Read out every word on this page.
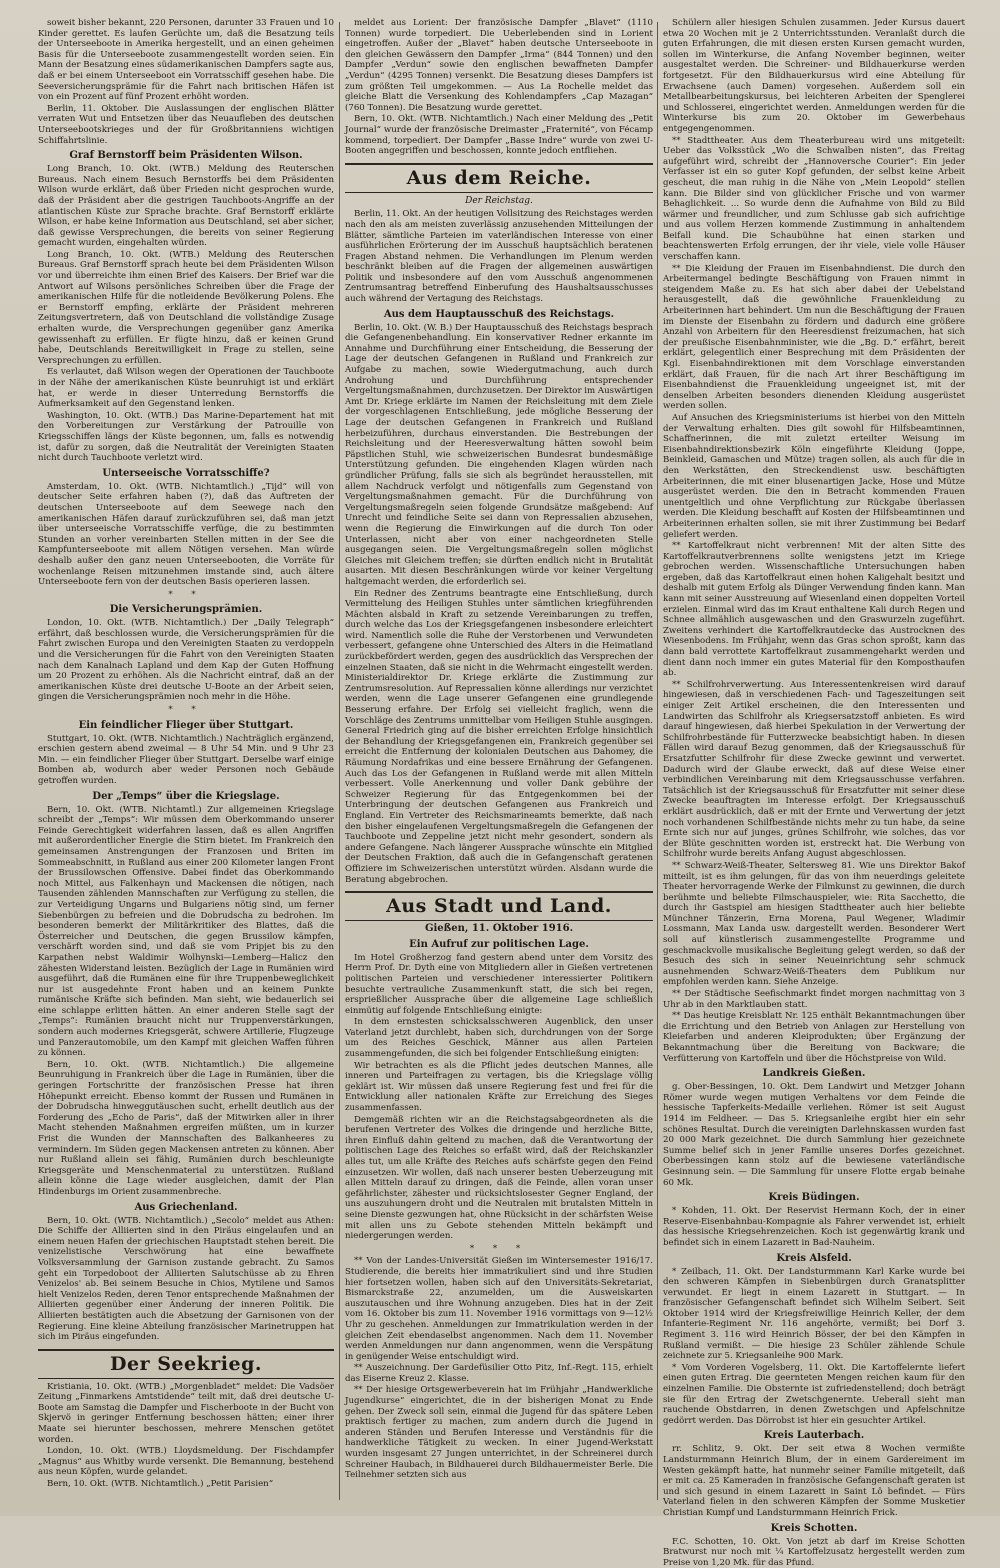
soweit bisher bekannt, 220 Personen, darunter 33 Frauen und 10 Kinder gerettet. Es laufen Gerüchte um, daß die Besatzung teils der Unterseeboote in Amerika hergestellt, und an einen geheimen Basis für die Unterseeboote zusammengestellt worden seien. Ein Mann der Besatzung eines südamerikanischen Dampfers sagte aus, daß er bei einem Unterseeboot ein Vorratsschiff gesehen habe. Die Seeversicherungsprämie für die Fahrt nach britischen Häfen ist von ein Prozent auf fünf Prozent erhöht worden.

Berlin, 11. Oktober. Die Auslassungen der englischen Blätter verraten Wut und Entsetzen über das Neuaufleben des deutschen Unterseebootskrieges und der für Großbritanniens wichtigen Schiffahrtslinie.

Graf Bernstorff beim Präsidenten Wilson.

Long Branch, 10. Okt. (WTB.) Meldung des Reuterschen Bureaus. Nach einem Besuch Bernstorffs bei dem Präsidenten Wilson wurde erklärt, daß über Frieden nicht gesprochen wurde, daß der Präsident aber die gestrigen Tauchboots-Angriffe an der atlantischen Küste zur Sprache brachte. Graf Bernstorff erklärte Wilson, er habe keine Information aus Deutschland, sei aber sicher, daß gewisse Versprechungen, die bereits von seiner Regierung gemacht wurden, eingehalten würden.

Long Branch, 10. Okt. (WTB.) Meldung des Reuterschen Bureaus. Graf Bernstorff sprach heute bei dem Präsidenten Wilson vor und überreichte ihm einen Brief des Kaisers. Der Brief war die Antwort auf Wilsons persönliches Schreiben über die Frage der amerikanischen Hilfe für die notleidende Bevölkerung Polens. Ehe er Bernstorff empfing, erklärte der Präsident mehreren Zeitungsvertretern, daß von Deutschland die vollständige Zusage erhalten wurde, die Versprechungen gegenüber ganz Amerika gewissenhaft zu erfüllen. Er fügte hinzu, daß er keinen Grund habe, Deutschlands Bereitwilligkeit in Frage zu stellen, seine Versprechungen zu erfüllen.

Es verlautet, daß Wilson wegen der Operationen der Tauchboote in der Nähe der amerikanischen Küste beunruhigt ist und erklärt hat, er werde in dieser Unterredung Bernstorffs die Aufmerksamkeit auf den Gegenstand lenken.

Washington, 10. Okt. (WTB.) Das Marine-Departement hat mit den Vorbereitungen zur Verstärkung der Patrouille von Kriegsschiffen längs der Küste begonnen, um, falls es notwendig ist, dafür zu sorgen, daß die Neutralität der Vereinigten Staaten nicht durch Tauchboote verletzt wird.

Unterseeische Vorratsschiffe?

Amsterdam, 10. Okt. (WTB. Nichtamtlich.) „Tijd“ will von deutscher Seite erfahren haben (?), daß das Auftreten der deutschen Unterseeboote auf dem Seewege nach den amerikanischen Häfen darauf zurückzuführen sei, daß man jetzt über unterseeische Vorratsschiffe verfüge, die zu bestimmten Stunden an vorher vereinbarten Stellen mitten in der See die Kampfunterseeboote mit allem Nötigen versehen. Man würde deshalb außer den ganz neuen Unterseebooten, die Vorräte für wochenlange Reisen mitzunehmen imstande sind, auch ältere Unterseeboote fern von der deutschen Basis operieren lassen.

* *
Die Versicherungsprämien.

London, 10. Okt. (WTB. Nichtamtlich.) Der „Daily Telegraph“ erfährt, daß beschlossen wurde, die Versicherungsprämien für die Fahrt zwischen Europa und den Vereinigten Staaten zu verdoppeln und die Versicherungen für die Fahrt von den Vereinigten Staaten nach dem Kanalnach Lapland und dem Kap der Guten Hoffnung um 20 Prozent zu erhöhen. Als die Nachricht eintraf, daß an der amerikanischen Küste drei deutsche U-Boote an der Arbeit seien, gingen die Versicherungsprämien noch mehr in die Höhe.

* *
Ein feindlicher Flieger über Stuttgart.

Stuttgart, 10. Okt. (WTB. Nichtamtlich.) Nachträglich ergänzend, erschien gestern abend zweimal — 8 Uhr 54 Min. und 9 Uhr 23 Min. — ein feindlicher Flieger über Stuttgart. Derselbe warf einige Bomben ab, wodurch aber weder Personen noch Gebäude getroffen wurden.

Der „Temps“ über die Kriegslage.

Bern, 10. Okt. (WTB. Nichtamtl.) Zur allgemeinen Kriegslage schreibt der „Temps“: Wir müssen dem Oberkommando unserer Feinde Gerechtigkeit widerfahren lassen, daß es allen Angriffen mit außerordentlicher Energie die Stirn bietet. Im Frankreich den gemeinsamen Anstrengungen der Franzosen und Briten im Sommeabschnitt, in Rußland aus einer 200 Kilometer langen Front der Brussilowschen Offensive. Dabei findet das Oberkommando noch Mittel, aus Falkenhayn und Mackensen die nötigen, nach Tausenden zählenden Mannschaften zur Verfügung zu stellen, die zur Verteidigung Ungarns und Bulgariens nötig sind, um ferner Siebenbürgen zu befreien und die Dobrudscha zu bedrohen. Im besonderen bemerkt der Militärkritiker des Blattes, daß die Österreicher und Deutschen, die gegen Brussilow kämpfen, verschärft worden sind, und daß sie vom Pripjet bis zu den Karpathen nebst Waldimir Wolhynski—Lemberg—Halicz den zähesten Widerstand leisten. Bezüglich der Lage in Rumänien wird ausgeführt, daß die Rumänen eine für ihre Truppenbeweglichkeit nur ist ausgedehnte Front haben und an keinem Punkte rumänische Kräfte sich befinden. Man sieht, wie bedauerlich sei eine schlappe erlitten hätten. An einer anderen Stelle sagt der „Temps“: Rumänien braucht nicht nur Truppenverstärkungen, sondern auch modernes Kriegsgerät, schwere Artillerie, Flugzeuge und Panzerautomobile, um den Kampf mit gleichen Waffen führen zu können.

Bern, 10. Okt. (WTB. Nichtamtlich.) Die allgemeine Beunruhigung in Frankreich über die Lage in Rumänien, über die geringen Fortschritte der französischen Presse hat ihren Höhepunkt erreicht. Ebenso kommt der Russen und Rumänen in der Dobrudscha hinweggutäuschen sucht, erhellt deutlich aus der Forderung des „Echo de Paris“, daß der Mitwirken aller in ihrer Macht stehenden Maßnahmen ergreifen müßten, um in kurzer Frist die Wunden der Mannschaften des Balkanheeres zu vermindern. Im Süden gegen Mackensen antreten zu können. Aber nur Rußland allein sei fähig, Rumänien durch beschleunigte Kriegsgeräte und Menschenmaterial zu unterstützen. Rußland allein könne die Lage wieder ausgleichen, damit der Plan Hindenburgs im Orient zusammenbreche.

Aus Griechenland.

Bern, 10. Okt. (WTB. Nichtamtlich.) „Secolo“ meldet aus Athen: Die Schiffe der Alliierten sind in den Piräus eingelaufen und an einem neuen Hafen der griechischen Hauptstadt stehen bereit. Die venizelistische Verschwörung hat eine bewaffnete Volksversammlung der Garnison zustande gebracht. Zu Samos geht ein Torpedoboot der Alliierten Salutschüsse ab zu Ehren Venizelos' ab. Bei seinem Besuche in Chios, Mytilene und Samos hielt Venizelos Reden, deren Tenor entsprechende Maßnahmen der Alliierten gegenüber einer Änderung der inneren Politik. Die Alliierten bestätigten auch die Absetzung der Garnisonen von der Regierung. Eine kleine Abteilung französischer Marinetruppen hat sich im Piräus eingefunden.

Der Seekrieg.

Kristiania, 10. Okt. (WTB.) „Morgenbladet“ meldet: Die Vadsöer Zeitung „Finmarkens Amtstidende“ teilt mit, daß drei deutsche U-Boote am Samstag die Dampfer und Fischerboote in der Bucht von Skjervö in geringer Entfernung beschossen hätten; einer ihrer Maate sei hierunter beschossen, mehrere Menschen getötet worden.

London, 10. Okt. (WTB.) Lloydsmeldung. Der Fischdampfer „Magnus“ aus Whitby wurde versenkt. Die Bemannung, bestehend aus neun Köpfen, wurde gelandet.

Bern, 10. Okt. (WTB. Nichtamtlich.) „Petit Parisien“

meldet aus Lorient: Der französische Dampfer „Blavet“ (1110 Tonnen) wurde torpediert. Die Ueberlebenden sind in Lorient eingetroffen. Außer der „Blavet“ haben deutsche Unterseeboote in den gleichen Gewässern den Dampfer „Irma“ (844 Tonnen) und den Dampfer „Verdun“ sowie den englischen bewaffneten Dampfer „Verdun“ (4295 Tonnen) versenkt. Die Besatzung dieses Dampfers ist zum größten Teil umgekommen. — Aus La Rochelle meldet das gleiche Blatt die Versenkung des Kohlendampfers „Cap Mazagan“ (760 Tonnen). Die Besatzung wurde gerettet.

Bern, 10. Okt. (WTB. Nichtamtlich.) Nach einer Meldung des „Petit Journal“ wurde der französische Dreimaster „Fraternité“, von Fécamp kommend, torpediert. Der Dampfer „Basse Indre“ wurde von zwei U-Booten angegriffen und beschossen, konnte jedoch entfliehen.

Aus dem Reiche.
Der Reichstag.

Berlin, 11. Okt. An der heutigen Vollsitzung des Reichstages werden nach den als am meisten zuverlässig anzusehenden Mitteilungen der Blätter, sämtliche Parteien im vaterländischen Interesse von einer ausführlichen Erörterung der im Ausschuß hauptsächlich beratenen Fragen Abstand nehmen. Die Verhandlungen im Plenum werden beschränkt bleiben auf die Fragen der allgemeinen auswärtigen Politik und insbesondere auf den vom Ausschuß angenommenen Zentrumsantrag betreffend Einberufung des Haushaltsausschusses auch während der Vertagung des Reichstags.

Aus dem Hauptausschuß des Reichstags.

Berlin, 10. Okt. (W. B.) Der Hauptausschuß des Reichstags besprach die Gefangenenbehandlung. Ein konservativer Redner erkannte im Annahme und Durchführung einer Entscheidung, die Besserung der Lage der deutschen Gefangenen in Rußland und Frankreich zur Aufgabe zu machen, sowie Wiedergutmachung, auch durch Androhung und Durchführung entsprechender Vergeltungsmaßnahmen, durchzusetzen. Der Direktor im Auswärtigen Amt Dr. Kriege erklärte im Namen der Reichsleitung mit dem Ziele der vorgeschlagenen Entschließung, jede mögliche Besserung der Lage der deutschen Gefangenen in Frankreich und Rußland herbeizuführen, durchaus einverstanden. Die Bestrebungen der Reichsleitung und der Heeresverwaltung hätten sowohl beim Päpstlichen Stuhl, wie schweizerischen Bundesrat bundesmäßige Unterstützung gefunden. Die eingehenden Klagen würden nach gründlicher Prüfung, falls sie sich als begründet herausstellen, mit allem Nachdruck verfolgt und nötigenfalls zum Gegenstand von Vergeltungsmaßnahmen gemacht. Für die Durchführung von Vergeltungsmaßregeln seien folgende Grundsätze maßgebend: Auf Unrecht und feindliche Seite sei dann von Repressalien abzusehen, wenn die Regierung die Einwirkungen auf die durch Ton oder Unterlassen, nicht aber von einer nachgeordneten Stelle ausgegangen seien. Die Vergeltungsmaßregeln sollen möglichst Gleiches mit Gleichem treffen; sie dürften endlich nicht in Brutalität ausarten. Mit diesen Beschränkungen würde vor keiner Vergeltung haltgemacht werden, die erforderlich sei.

Ein Redner des Zentrums beantragte eine Entschließung, durch Vermittelung des Heiligen Stuhles unter sämtlichen kriegführenden Mächten alsbald in Kraft zu setzende Vereinbarungen zu treffen, durch welche das Los der Kriegsgefangenen insbesondere erleichtert wird. Namentlich solle die Ruhe der Verstorbenen und Verwundeten verbessert, gefangene ohne Unterschied des Alters in die Heimatland zurückbefördert werden, gegen des ausdrücklich das Versprechen der einzelnen Staaten, daß sie nicht in die Wehrmacht eingestellt werden. Ministerialdirektor Dr. Kriege erklärte die Zustimmung zur Zentrumsresolution. Auf Repressalien könne allerdings nur verzichtet werden, wenn die Lage unserer Gefangenen eine grundlegende Besserung erfahre. Der Erfolg sei vielleicht fraglich, wenn die Vorschläge des Zentrums unmittelbar vom Heiligen Stuhle ausgingen. General Friedrich ging auf die bisher erreichten Erfolge hinsichtlich der Behandlung der Kriegsgefangenen ein, Frankreich gegenüber sei erreicht die Entfernung der kolonialen Deutschen aus Dahomey, die Räumung Nordafrikas und eine bessere Ernährung der Gefangenen. Auch das Los der Gefangenen in Rußland werde mit allen Mitteln verbessert. Volle Anerkennung und voller Dank gebühre der Schweizer Regierung für das Entgegenkommen bei der Unterbringung der deutschen Gefangenen aus Frankreich und England. Ein Vertreter des Reichsmarineamts bemerkte, daß nach den bisher eingelaufenen Vergeltungsmaßregeln die Gefangenen der Tauchboote und Zeppeline jetzt nicht mehr gesondert, sondern als andere Gefangene. Nach längerer Aussprache wünschte ein Mitglied der Deutschen Fraktion, daß auch die in Gefangenschaft geratenen Offiziere im Schweizerischen unterstützt würden. Alsdann wurde die Beratung abgebrochen.

Aus Stadt und Land.
Gießen, 11. Oktober 1916.
Ein Aufruf zur politischen Lage.

Im Hotel Großherzog fand gestern abend unter dem Vorsitz des Herrn Prof. Dr. Dyth eine von Mitgliedern aller in Gießen vertretenen politischen Parteien und verschiedener interessierter Politikern besuchte vertrauliche Zusammenkunft statt, die sich bei regen, ersprießlicher Aussprache über die allgemeine Lage schließlich einmütig auf folgende Entschließung einigte:

In dem ernstesten schicksalsschweren Augenblick, den unser Vaterland jetzt durchlebt, haben sich, durchdrungen von der Sorge um des Reiches Geschick, Männer aus allen Parteien zusammengefunden, die sich bei folgender Entschließung einigten:

Wir betrachten es als die Pflicht jedes deutschen Mannes, alle inneren und Parteifragen zu vertagen, bis die Kriegslage völlig geklärt ist. Wir müssen daß unsere Regierung fest und frei für die Entwicklung aller nationalen Kräfte zur Erreichung des Sieges zusammenfassen.

Demgemäß richten wir an die Reichstagsabgeordneten als die berufenen Vertreter des Volkes die dringende und herzliche Bitte, ihren Einfluß dahin geltend zu machen, daß die Verantwortung der politischen Lage des Reiches so erfaßt wird, daß der Reichskanzler alles tut, um alle Kräfte des Reiches aufs schärfste gegen den Feind einzusetzen. Wir wollen, daß nach unserer besten Ueberzeugung mit allen Mitteln darauf zu dringen, daß die Feinde, allen voran unser gefährlichster, zähester und rücksichtslosester Gegner England, der uns auszuhungern droht und die Neutralen mit brutalsten Mitteln in seine Dienste gezwungen hat, ohne Rücksicht in der schärfsten Weise mit allen uns zu Gebote stehenden Mitteln bekämpft und niedergerungen werden.

* * *

** Von der Landes-Universität Gießen im Wintersemester 1916/17. Studierende, die bereits hier immatrikuliert sind und ihre Studien hier fortsetzen wollen, haben sich auf den Universitäts-Sekretariat, Bismarckstraße 22, anzumelden, um die Ausweiskarten auszutauschen und ihre Wohnung anzugeben. Dies hat in der Zeit vom 16. Oktober bis zum 11. November 1916 vormittags von 9—12½ Uhr zu geschehen. Anmeldungen zur Immatrikulation werden in der gleichen Zeit ebendaselbst angenommen. Nach dem 11. November werden Anmeldungen nur dann angenommen, wenn die Verspätung in genügender Weise entschuldigt wird.

** Auszeichnung. Der Gardefüsilier Otto Pitz, Inf.-Regt. 115, erhielt das Eiserne Kreuz 2. Klasse.

** Der hiesige Ortsgewerbeverein hat im Frühjahr „Handwerkliche Jugendkurse“ eingerichtet, die in der bisherigen Monat zu Ende gehen. Der Zweck soll sein, einmal die Jugend für das spätere Leben praktisch fertiger zu machen, zum andern durch die Jugend in anderen Ständen und Berufen Interesse und Verständnis für die handwerkliche Tätigkeit zu wecken. In einer Jugend-Werkstatt wurden insgesamt 27 Jungen unterrichtet, in der Schreinerei durch Schreiner Haubach, in Bildhauerei durch Bildhauermeister Berle. Die Teilnehmer setzten sich aus

Schülern aller hiesigen Schulen zusammen. Jeder Kursus dauert etwa 20 Wochen mit je 2 Unterrichtsstunden. Veranlaßt durch die guten Erfahrungen, die mit diesen ersten Kursen gemacht wurden, sollen im Winterkurse, die Anfang November beginnen, weiter ausgestaltet werden. Die Schreiner- und Bildhauerkurse werden fortgesetzt. Für den Bildhauerkursus wird eine Abteilung für Erwachsene (auch Damen) vorgesehen. Außerdem soll ein Metallbearbeitungskursus, bei leichteren Arbeiten der Spenglerei und Schlosserei, eingerichtet werden. Anmeldungen werden für die Winterkurse bis zum 20. Oktober im Gewerbehaus entgegengenommen.

** Stadttheater. Aus dem Theaterbureau wird uns mitgeteilt: Ueber das Volksstück „Wo die Schwalben nisten“, das Freitag aufgeführt wird, schreibt der „Hannoversche Courier“: Ein jeder Verfasser ist ein so guter Kopf gefunden, der selbst keine Arbeit gescheut, die man ruhig in die Nähe von „Mein Leopold“ stellen kann. Die Bilder sind von glücklicher Frische und von warmer Behaglichkeit. ... So wurde denn die Aufnahme von Bild zu Bild wärmer und freundlicher, und zum Schlusse gab sich aufrichtige und aus vollem Herzen kommende Zustimmung in anhaltendem Beifall kund. Die Schaubühne hat einen starken und beachtenswerten Erfolg errungen, der ihr viele, viele volle Häuser verschaffen kann.

** Die Kleidung der Frauen im Eisenbahndienst. Die durch den Arbeitermangel bedingte Beschäftigung von Frauen nimmt in steigendem Maße zu. Es hat sich aber dabei der Uebelstand herausgestellt, daß die gewöhnliche Frauenkleidung zu Arbeiterinnen hart behindert. Um nun die Beschäftigung der Frauen im Dienste der Eisenbahn zu fördern und dadurch eine größere Anzahl von Arbeitern für den Heeresdienst freizumachen, hat sich der preußische Eisenbahnminister, wie die „Bg. D.“ erfährt, bereit erklärt, gelegentlich einer Besprechung mit dem Präsidenten der Kgl. Eisenbahndirektionen mit dem Vorschlage einverstanden erklärt, daß Frauen, für die nach Art ihrer Beschäftigung im Eisenbahndienst die Frauenkleidung ungeeignet ist, mit der denselben Arbeiten besonders dienenden Kleidung ausgerüstet werden sollen.

Auf Ansuchen des Kriegsministeriums ist hierbei von den Mitteln der Verwaltung erhalten. Dies gilt sowohl für Hilfsbeamtinnen, Schaffnerinnen, die mit zuletzt erteilter Weisung im Eisenbahndirektionsbezirk Köln eingeführte Kleidung (Joppe, Beinkleid, Gamaschen und Mütze) tragen sollen, als auch für die in den Werkstätten, den Streckendienst usw. beschäftigten Arbeiterinnen, die mit einer blusenartigen Jacke, Hose und Mütze ausgerüstet werden. Die den in Betracht kommenden Frauen unentgeltlich und ohne Verpflichtung zur Rückgabe überlassen werden. Die Kleidung beschafft auf Kosten der Hilfsbeamtinnen und Arbeiterinnen erhalten sollen, sie mit ihrer Zustimmung bei Bedarf geliefert werden.

** Kartoffelkraut nicht verbrennen! Mit der alten Sitte des Kartoffelkrautverbrennens sollte wenigstens jetzt im Kriege gebrochen werden. Wissenschaftliche Untersuchungen haben ergeben, daß das Kartoffelkraut einen hohen Kaligehalt besitzt und deshalb mit gutem Erfolg als Dünger Verwendung finden kann. Man kann mit seiner Ausstreuung auf Wiesenland einen doppelten Vorteil erzielen. Einmal wird das im Kraut enthaltene Kali durch Regen und Schnee allmählich ausgewaschen und den Graswurzeln zugeführt. Zweitens verhindert die Kartoffelkrautdecke das Austrocknen des Wiesenbodens. Im Frühjahr, wenn das Gras schon sproßt, kann das dann bald verrottete Kartoffelkraut zusammengeharkt werden und dient dann noch immer ein gutes Material für den Komposthaufen ab.

** Schilfrohrverwertung. Aus Interessentenkreisen wird darauf hingewiesen, daß in verschiedenen Fach- und Tageszeitungen seit einiger Zeit Artikel erscheinen, die den Interessenten und Landwirten das Schilfrohr als Kriegsersatzstoff anbieten. Es wird darauf hingewiesen, daß hierbei Spekulation in der Verwertung der Schilfrohrbestände für Futterzwecke beabsichtigt haben. In diesen Fällen wird darauf Bezug genommen, daß der Kriegsausschuß für Ersatzfutter Schilfrohr für diese Zwecke gewinnt und verwertet. Dadurch wird der Glaube erweckt, daß auf diese Weise einer verbindlichen Vereinbarung mit dem Kriegsausschusse verfahren. Tatsächlich ist der Kriegsausschuß für Ersatzfutter mit seiner diese Zwecke beauftragten im Interesse erfolgt. Der Kriegsausschuß erklärt ausdrücklich, daß er mit der Ernte und Verwertung der jetzt noch vorhandenen Schilfbestände nichts mehr zu tun habe, da seine Ernte sich nur auf junges, grünes Schilfrohr, wie solches, das vor der Blüte geschnitten worden ist, erstreckt hat. Die Werbung von Schilfrohr wurde bereits Anfang August abgeschlossen.

** Schwarz-Weiß-Theater, Seltersweg 81. Wie uns Direktor Bakof mitteilt, ist es ihm gelungen, für das von ihm neuerdings geleitete Theater hervorragende Werke der Filmkunst zu gewinnen, die durch berühmte und beliebte Filmschauspieler, wie: Rita Sacchetto, die durch ihr Gastspiel am hiesigen Stadttheater auch hier beliebte Münchner Tänzerin, Erna Morena, Paul Wegener, Wladimir Lossmann, Max Landa usw. dargestellt werden. Besonderer Wert soll auf künstlerisch zusammengestellte Programme und geschmackvolle musikalische Begleitung gelegt werden, so daß der Besuch des sich in seiner Neueinrichtung sehr schmuck ausnehmenden Schwarz-Weiß-Theaters dem Publikum nur empfohlen werden kann. Siehe Anzeige.

** Der Städtische Seefischmarkt findet morgen nachmittag von 3 Uhr ab in den Marktlauben statt.

** Das heutige Kreisblatt Nr. 125 enthält Bekanntmachungen über die Errichtung und den Betrieb von Anlagen zur Herstellung von Kleiefarben und anderen Kleiprodukten; über Ergänzung der Bekanntmachung über die Bereitung von Backware; die Verfütterung von Kartoffeln und über die Höchstpreise von Wild.

Landkreis Gießen.

g. Ober-Bessingen, 10. Okt. Dem Landwirt und Metzger Johann Römer wurde wegen mutigen Verhaltens vor dem Feinde die hessische Tapferkeits-Medaille verliehen. Römer ist seit August 1914 im Feldheer. — Das 5. Kriegsanleihe ergibt hier ein sehr schönes Resultat. Durch die vereinigten Darlehnskassen wurden fast 20 000 Mark gezeichnet. Die durch Sammlung hier gezeichnete Summe belief sich in jener Familie unseres Dorfes gezeichnet. Oberbessingen kann stolz auf die bewiesene vaterländische Gesinnung sein. — Die Sammlung für unsere Flotte ergab beinahe 60 Mk.

Kreis Büdingen.

* Kohden, 11. Okt. Der Reservist Hermann Koch, der in einer Reserve-Eisenbahnbau-Kompagnie als Fahrer verwendet ist, erhielt das hessische Kriegsehrenzeichen. Koch ist gegenwärtig krank und befindet sich in einem Lazarett in Bad-Nauheim.

Kreis Alsfeld.

* Zeilbach, 11. Okt. Der Landsturmmann Karl Karke wurde bei den schweren Kämpfen in Siebenbürgen durch Granatsplitter verwundet. Er liegt in einem Lazarett in Stuttgart. — In französischer Gefangenschaft befindet sich Wilhelm Seibert. Seit Oktober 1914 wird der Kriegsfreiwillige Heinrich Keller, der dem Infanterie-Regiment Nr. 116 angehörte, vermißt; bei Dorf 3. Regiment 3. 116 wird Heinrich Bösser, der bei den Kämpfen in Rußland vermißt. — Die hiesige 23 Schüler zählende Schule zeichnete zur 5. Kriegsanleihe 900 Mark.

* Vom Vorderen Vogelsberg, 11. Okt. Die Kartoffelernte liefert einen guten Ertrag. Die geernteten Mengen reichen kaum für den einzelnen Familie. Die Obsternte ist zufriedenstellend; doch beträgt sie für den Ertrag der Zwetschgenernte. Ueberall sieht man rauchende Obstdarren, in denen Zwetschgen und Apfelschnitze gedörrt werden. Das Dörrobst ist hier ein gesuchter Artikel.

Kreis Lauterbach.

rr. Schlitz, 9. Okt. Der seit etwa 8 Wochen vermißte Landsturmmann Heinrich Blum, der in einem Gardereiment im Westen gekämpft hatte, hat nunmehr seiner Familie mitgeteilt, daß er mit ca. 25 Kameraden in französische Gefangenschaft geraten ist und sich gesund in einem Lazarett in Saint Lô befindet. — Fürs Vaterland fielen in den schweren Kämpfen der Somme Musketier Christian Kumpf und Landsturmmann Heinrich Frick.

Kreis Schotten.

F.C. Schotten, 10. Okt. Von jetzt ab darf im Kreise Schotten Bratwurst nur noch mit ¼ Kartoffelzusatz hergestellt werden zum Preise von 1,20 Mk. für das Pfund.
